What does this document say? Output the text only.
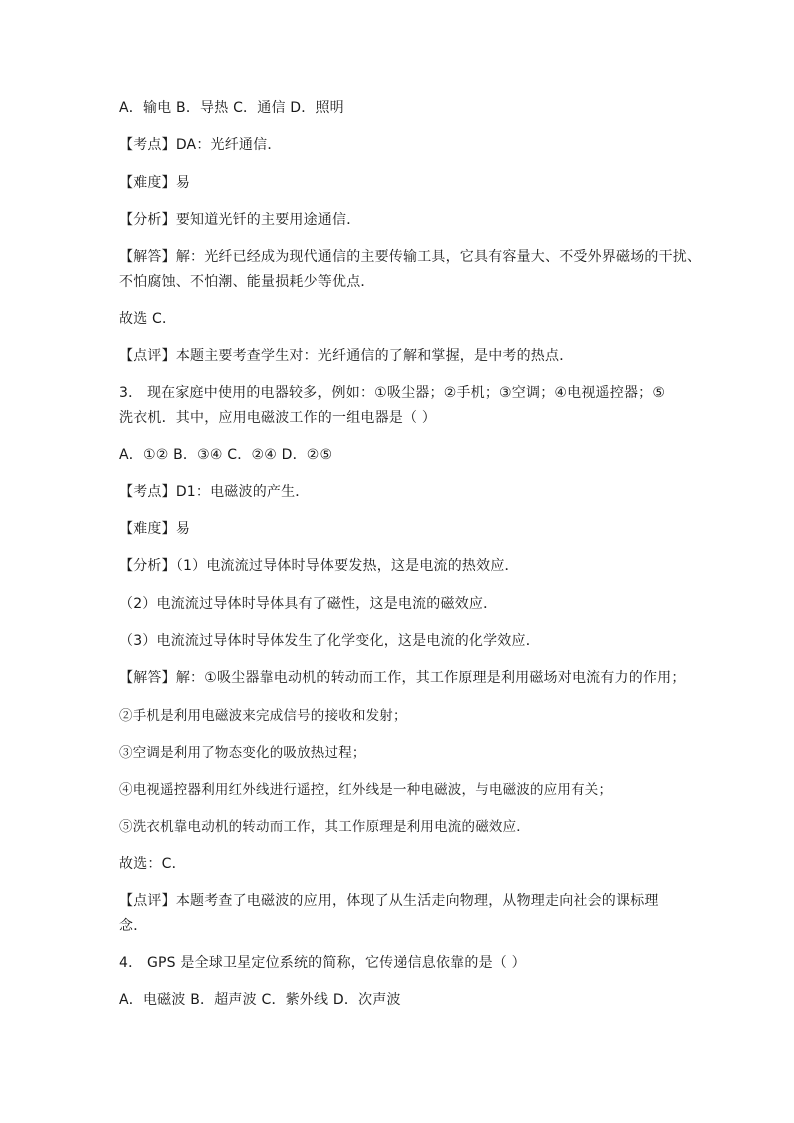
A．输电 B．导热 C．通信 D．照明
【考点】DA：光纤通信．
【难度】易
【分析】要知道光钎的主要用途通信．
【解答】解：光纤已经成为现代通信的主要传输工具，它具有容量大、不受外界磁场的干扰、
不怕腐蚀、不怕潮、能量损耗少等优点．
故选 C．
【点评】本题主要考查学生对：光纤通信的了解和掌握，是中考的热点．
3． 现在家庭中使用的电器较多，例如：①吸尘器；②手机；③空调；④电视遥控器；⑤
洗衣机．其中，应用电磁波工作的一组电器是（ ）
A．①② B．③④ C．②④ D．②⑤
【考点】D1：电磁波的产生．
【难度】易
【分析】（1）电流流过导体时导体要发热，这是电流的热效应．
（2）电流流过导体时导体具有了磁性，这是电流的磁效应．
（3）电流流过导体时导体发生了化学变化，这是电流的化学效应．
【解答】解：①吸尘器靠电动机的转动而工作，其工作原理是利用磁场对电流有力的作用；
②手机是利用电磁波来完成信号的接收和发射；
③空调是利用了物态变化的吸放热过程；
④电视遥控器利用红外线进行遥控，红外线是一种电磁波，与电磁波的应用有关；
⑤洗衣机靠电动机的转动而工作，其工作原理是利用电流的磁效应．
故选：C．
【点评】本题考查了电磁波的应用，体现了从生活走向物理，从物理走向社会的课标理
念．
4． GPS 是全球卫星定位系统的简称，它传递信息依靠的是（ ）
A．电磁波 B．超声波 C．紫外线 D．次声波
